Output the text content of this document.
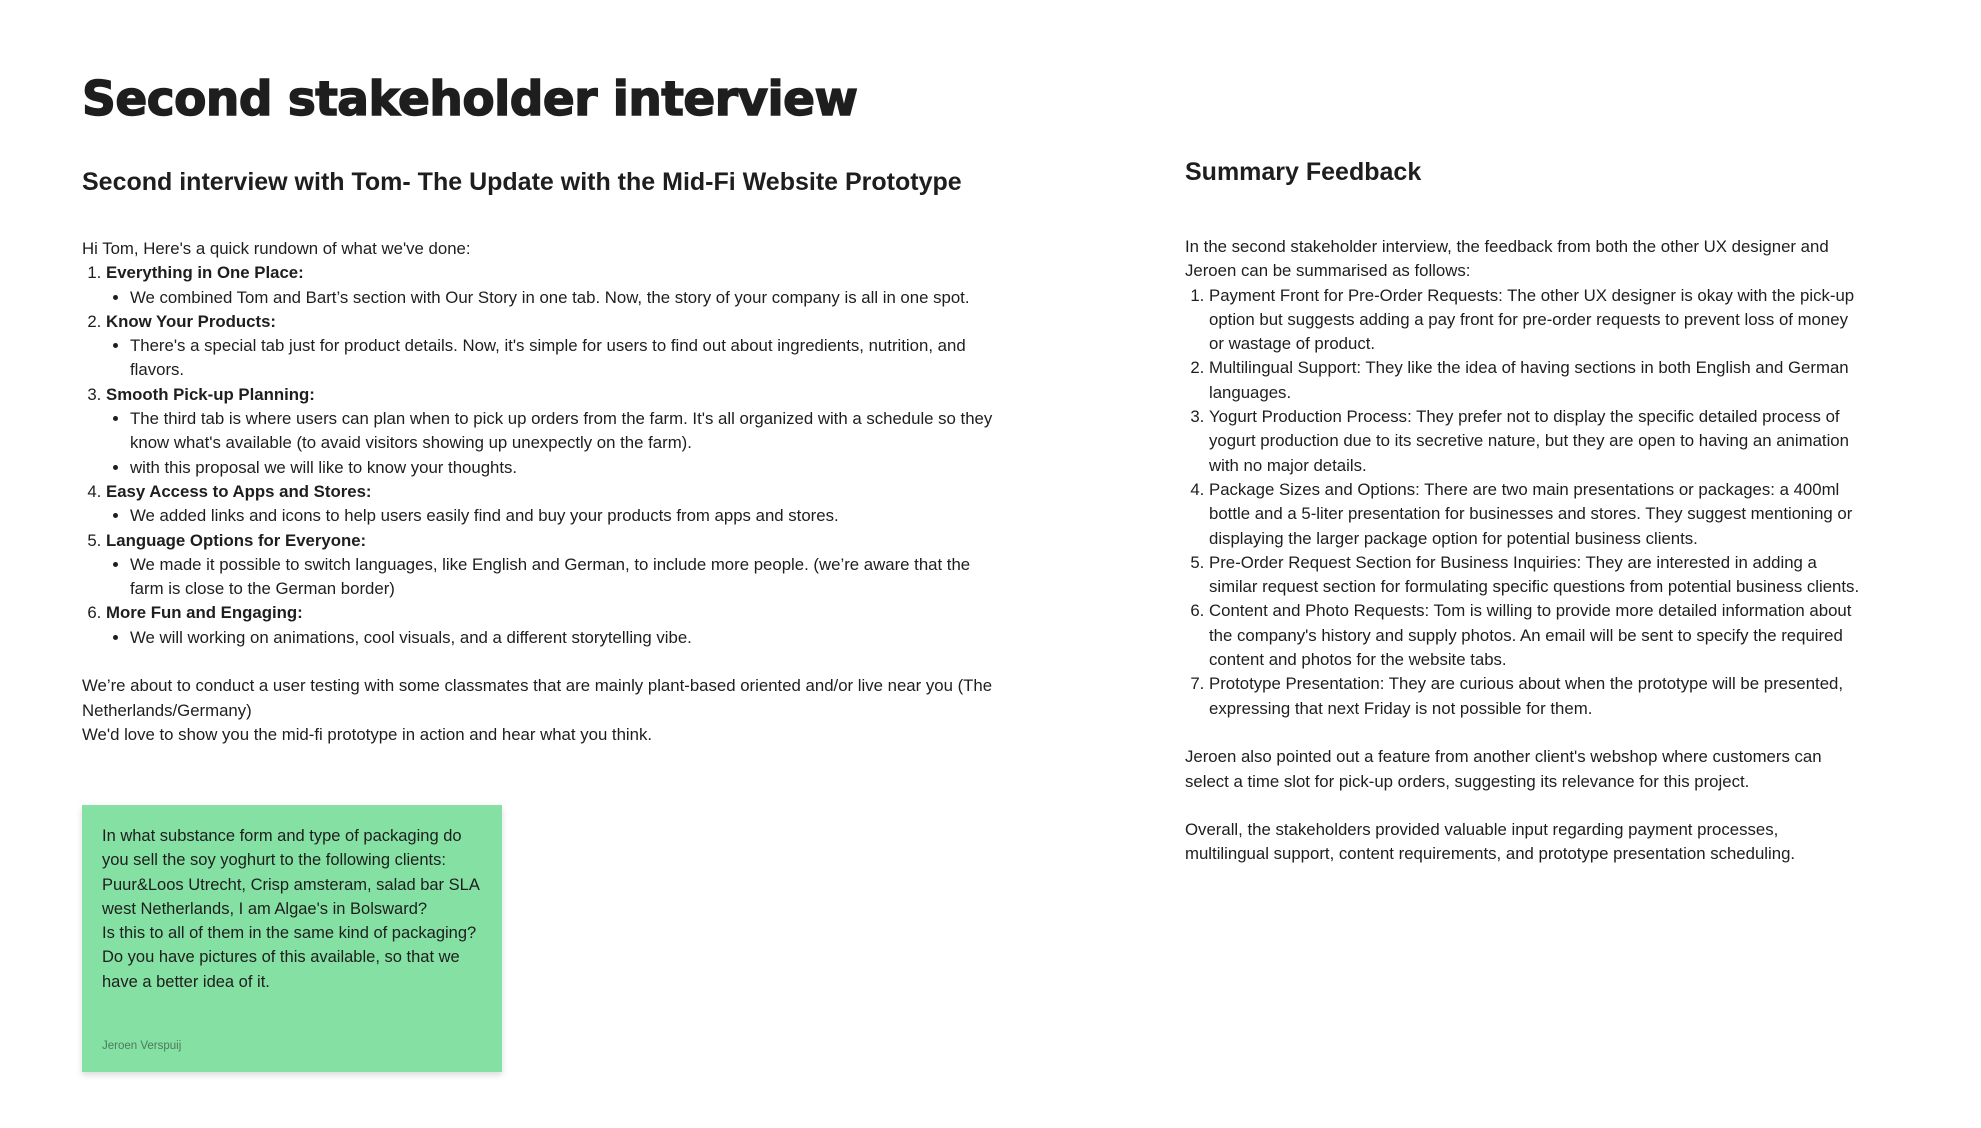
Second stakeholder interview
Second interview with Tom- The Update with the Mid-Fi Website Prototype

Hi Tom, Here's a quick rundown of what we've done:

1. Everything in One Place:
• We combined Tom and Bart’s section with Our Story in one tab. Now, the story of your company is all in one spot.
2. Know Your Products:
• There's a special tab just for product details. Now, it's simple for users to find out about ingredients, nutrition, and flavors.
3. Smooth Pick-up Planning:
• The third tab is where users can plan when to pick up orders from the farm. It's all organized with a schedule so they know what's available (to avaid visitors showing up unexpectly on the farm).
• with this proposal we will like to know your thoughts.
4. Easy Access to Apps and Stores:
• We added links and icons to help users easily find and buy your products from apps and stores.
5. Language Options for Everyone:
• We made it possible to switch languages, like English and German, to include more people. (we’re aware that the farm is close to the German border)
6. More Fun and Engaging:
• We will working on animations, cool visuals, and a different storytelling vibe.

We’re about to conduct a user testing with some classmates that are mainly plant-based oriented and/or live near you (The Netherlands/Germany)

We'd love to show you the mid-fi prototype in action and hear what you think.

In what substance form and type of packaging do you sell the soy yoghurt to the following clients: Puur&Loos Utrecht, Crisp amsteram, salad bar SLA west Netherlands, I am Algae's in Bolsward?
Is this to all of them in the same kind of packaging?
Do you have pictures of this available, so that we have a better idea of it.
Jeroen Verspuij
Summary Feedback

In the second stakeholder interview, the feedback from both the other UX designer and Jeroen can be summarised as follows:

1. Payment Front for Pre-Order Requests: The other UX designer is okay with the pick-up option but suggests adding a pay front for pre-order requests to prevent loss of money or wastage of product.
2. Multilingual Support: They like the idea of having sections in both English and German languages.
3. Yogurt Production Process: They prefer not to display the specific detailed process of yogurt production due to its secretive nature, but they are open to having an animation with no major details.
4. Package Sizes and Options: There are two main presentations or packages: a 400ml bottle and a 5-liter presentation for businesses and stores. They suggest mentioning or displaying the larger package option for potential business clients.
5. Pre-Order Request Section for Business Inquiries: They are interested in adding a similar request section for formulating specific questions from potential business clients.
6. Content and Photo Requests: Tom is willing to provide more detailed information about the company's history and supply photos. An email will be sent to specify the required content and photos for the website tabs.
7. Prototype Presentation: They are curious about when the prototype will be presented, expressing that next Friday is not possible for them.

Jeroen also pointed out a feature from another client's webshop where customers can select a time slot for pick-up orders, suggesting its relevance for this project.

Overall, the stakeholders provided valuable input regarding payment processes, multilingual support, content requirements, and prototype presentation scheduling.
